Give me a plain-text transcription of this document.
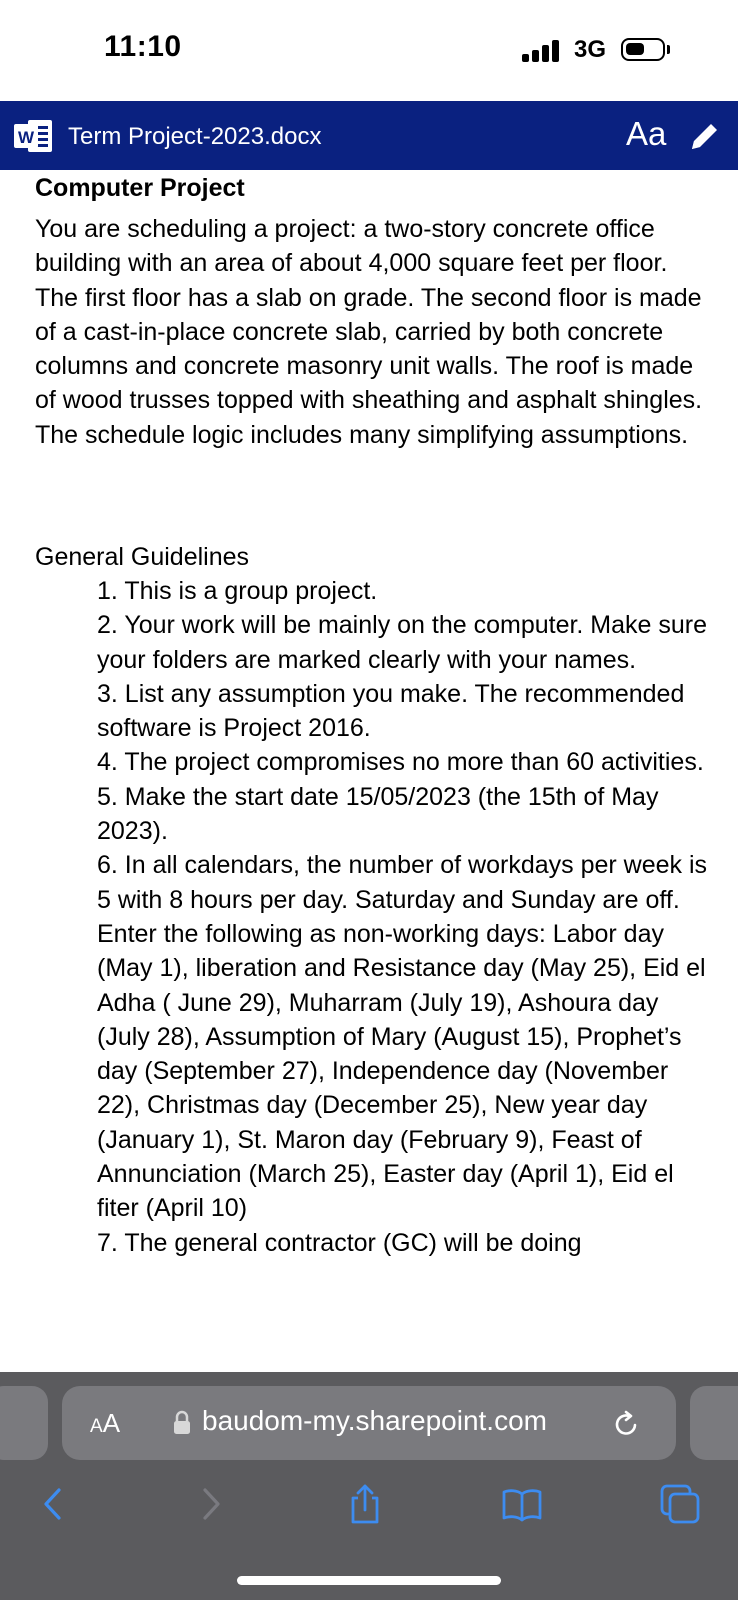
11:10	3G
W Term Project-2023.docx	Aa
Computer Project

You are scheduling a project: a two-story concrete office building with an area of about 4,000 square feet per floor. The first floor has a slab on grade. The second floor is made of a cast-in-place concrete slab, carried by both concrete columns and concrete masonry unit walls. The roof is made of wood trusses topped with sheathing and asphalt shingles. The schedule logic includes many simplifying assumptions.

General Guidelines
1. This is a group project.
2. Your work will be mainly on the computer. Make sure your folders are marked clearly with your names.
3. List any assumption you make. The recommended software is Project 2016.
4. The project compromises no more than 60 activities.
5. Make the start date 15/05/2023 (the 15th of May 2023).
6. In all calendars, the number of workdays per week is 5 with 8 hours per day. Saturday and Sunday are off. Enter the following as non-working days: Labor day (May 1), liberation and Resistance day (May 25), Eid el Adha ( June 29), Muharram (July 19), Ashoura day (July 28), Assumption of Mary (August 15), Prophet’s day (September 27), Independence day (November 22), Christmas day (December 25), New year day (January 1), St. Maron day (February 9), Feast of Annunciation (March 25), Easter day (April 1), Eid el fiter (April 10)
7. The general contractor (GC) will be doing
AA	baudom-my.sharepoint.com
